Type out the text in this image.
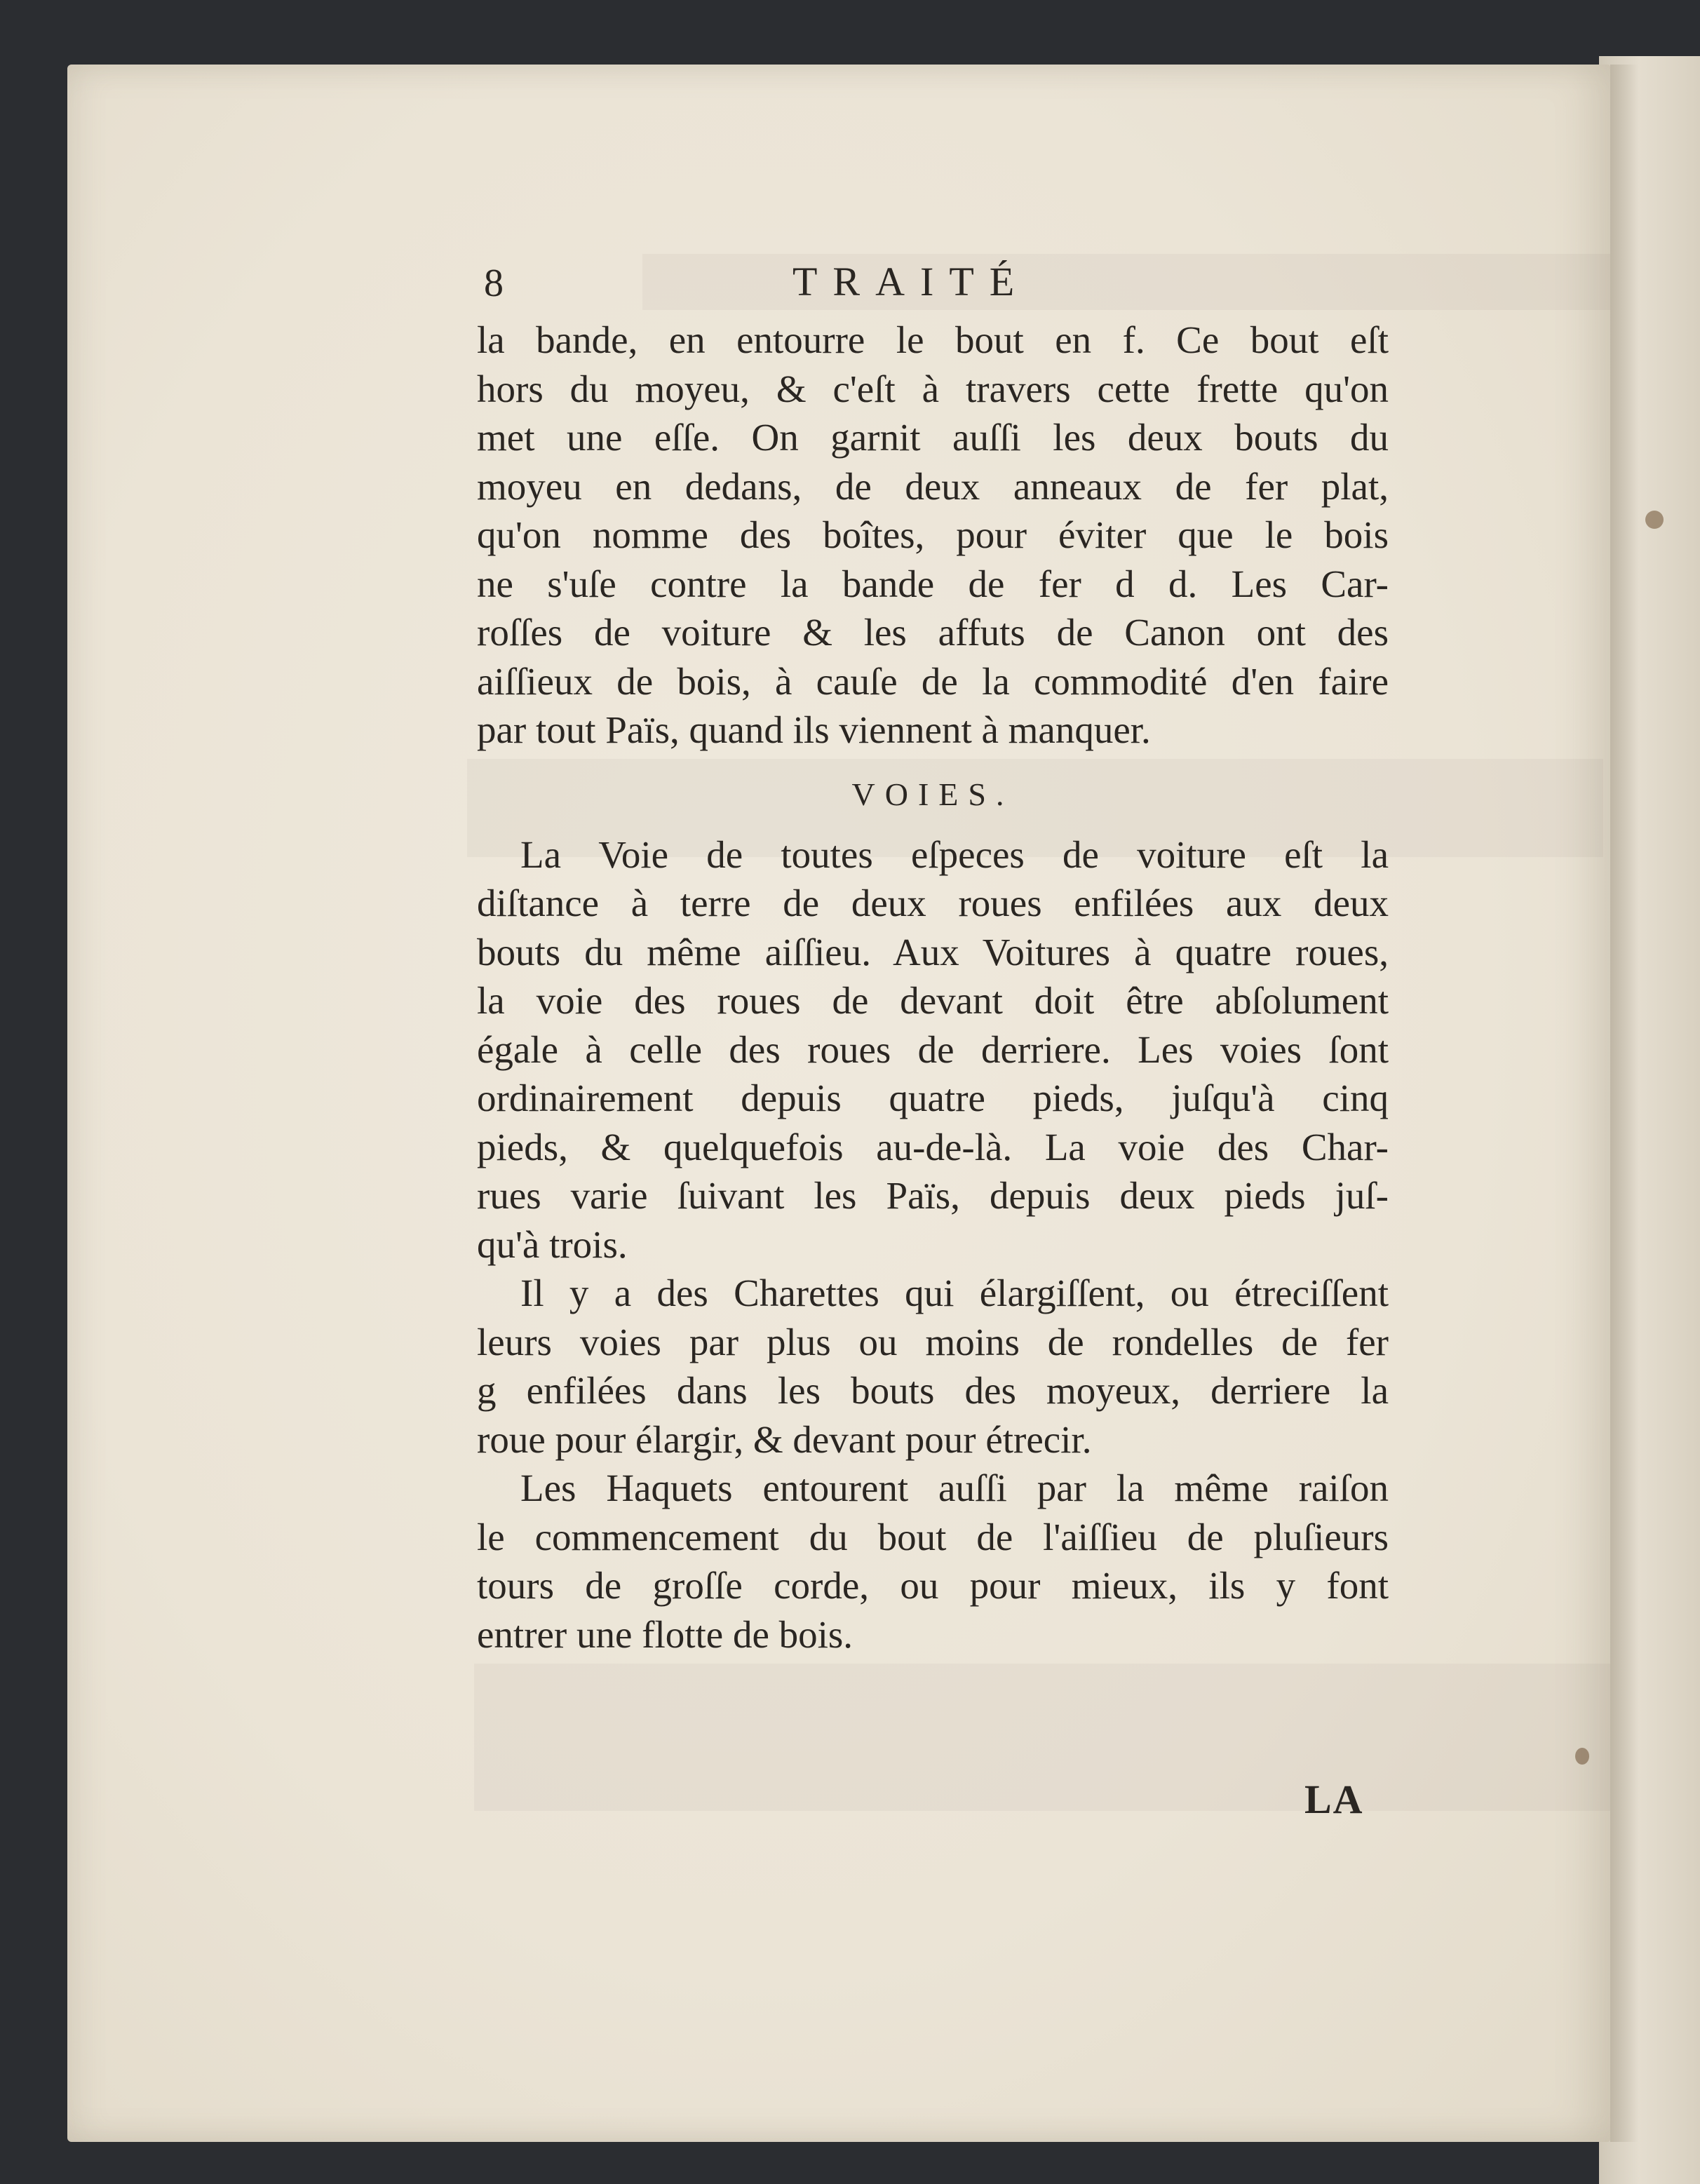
8	TRAITÉ
la bande, en entourre le bout en f. Ce bout eſt
hors du moyeu, & c'eſt à travers cette frette qu'on
met une eſſe. On garnit auſſi les deux bouts du
moyeu en dedans, de deux anneaux de fer plat,
qu'on nomme des boîtes, pour éviter que le bois
ne s'uſe contre la bande de fer d d. Les Car-
roſſes de voiture & les affuts de Canon ont des
aiſſieux de bois, à cauſe de la commodité d'en faire
par tout Païs, quand ils viennent à manquer.
VOIES.
La Voie de toutes eſpeces de voiture eſt la
diſtance à terre de deux roues enfilées aux deux
bouts du même aiſſieu. Aux Voitures à quatre roues,
la voie des roues de devant doit être abſolument
égale à celle des roues de derriere. Les voies ſont
ordinairement depuis quatre pieds, juſqu'à cinq
pieds, & quelquefois au-de-là. La voie des Char-
rues varie ſuivant les Païs, depuis deux pieds juſ-
qu'à trois.
Il y a des Charettes qui élargiſſent, ou étreciſſent
leurs voies par plus ou moins de rondelles de fer
g enfilées dans les bouts des moyeux, derriere la
roue pour élargir, & devant pour étrecir.
Les Haquets entourent auſſi par la même raiſon
le commencement du bout de l'aiſſieu de pluſieurs
tours de groſſe corde, ou pour mieux, ils y font
entrer une flotte de bois.
LA
